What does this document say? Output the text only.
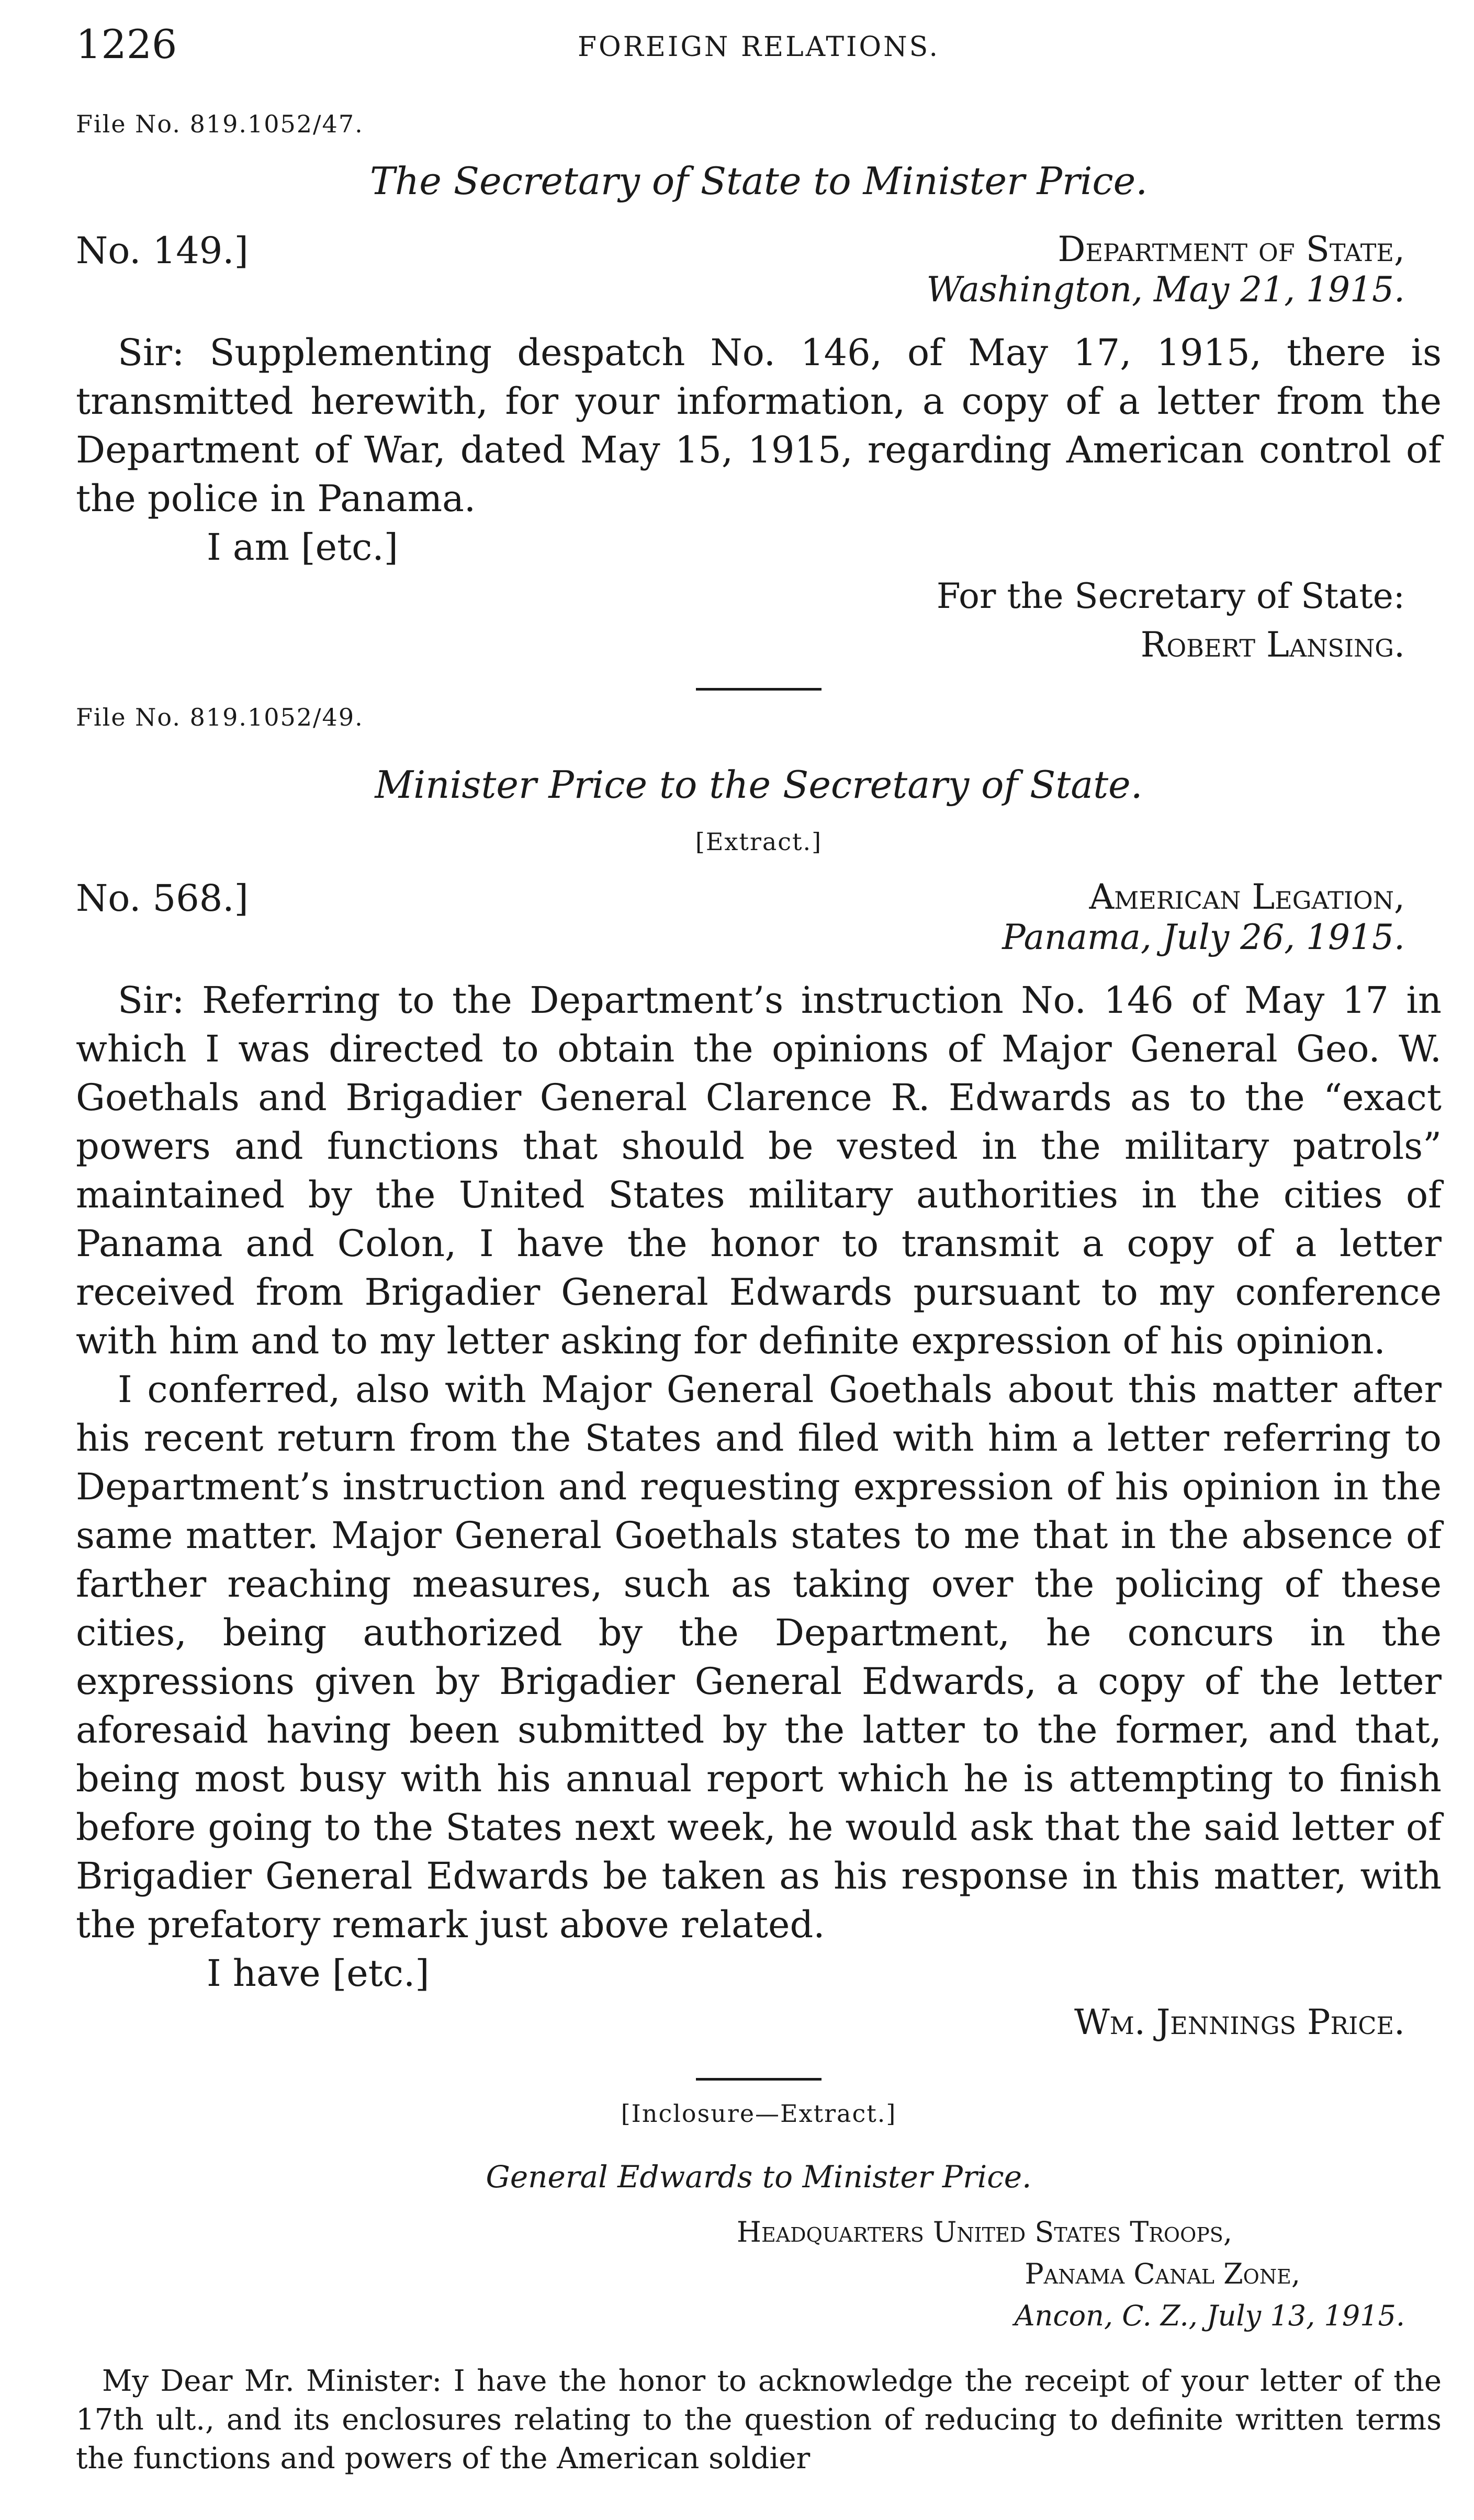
1226	FOREIGN RELATIONS.
File No. 819.1052/47.
The Secretary of State to Minister Price.
No. 149.]	Department of State,
Washington, May 21, 1915.

Sir: Supplementing despatch No. 146, of May 17, 1915, there is transmitted herewith, for your information, a copy of a letter from the Department of War, dated May 15, 1915, regarding American control of the police in Panama.

I am [etc.]
For the Secretary of State:
Robert Lansing.
File No. 819.1052/49.
Minister Price to the Secretary of State.
[Extract.]
No. 568.]	American Legation,
Panama, July 26, 1915.

Sir: Referring to the Department’s instruction No. 146 of May 17 in which I was directed to obtain the opinions of Major General Geo. W. Goethals and Brigadier General Clarence R. Edwards as to the “exact powers and functions that should be vested in the military patrols” maintained by the United States military authorities in the cities of Panama and Colon, I have the honor to transmit a copy of a letter received from Brigadier General Edwards pursuant to my conference with him and to my letter asking for definite expression of his opinion.

I conferred, also with Major General Goethals about this matter after his recent return from the States and filed with him a letter referring to Department’s instruction and requesting expression of his opinion in the same matter. Major General Goethals states to me that in the absence of farther reaching measures, such as taking over the policing of these cities, being authorized by the Department, he concurs in the expressions given by Brigadier General Edwards, a copy of the letter aforesaid having been submitted by the latter to the former, and that, being most busy with his annual report which he is attempting to finish before going to the States next week, he would ask that the said letter of Brigadier General Edwards be taken as his response in this matter, with the prefatory remark just above related.

I have [etc.]
Wm. Jennings Price.
[Inclosure—Extract.]
General Edwards to Minister Price.
Headquarters United States Troops,
Panama Canal Zone,
Ancon, C. Z., July 13, 1915.

My Dear Mr. Minister: I have the honor to acknowledge the receipt of your letter of the 17th ult., and its enclosures relating to the question of reducing to definite written terms the functions and powers of the American soldier
